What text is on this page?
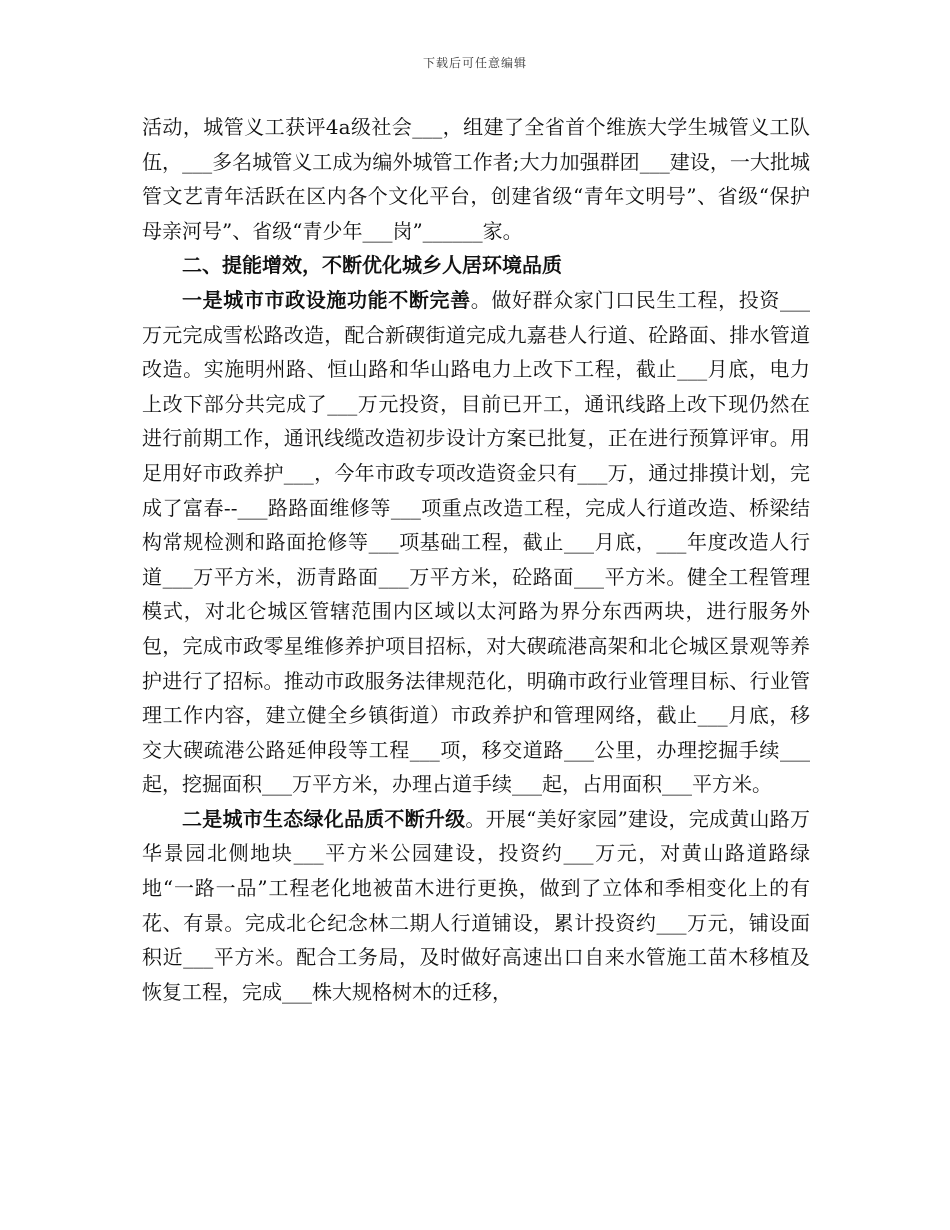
下载后可任意编辑

活动，城管义工获评4a级社会___，组建了全省首个维族大学生城管义工队伍，___多名城管义工成为编外城管工作者;大力加强群团___建设，一大批城管文艺青年活跃在区内各个文化平台，创建省级“青年文明号”、省级“保护母亲河号”、省级“青少年___岗”______家。

二、提能增效，不断优化城乡人居环境品质

一是城市市政设施功能不断完善。做好群众家门口民生工程，投资___万元完成雪松路改造，配合新碶街道完成九嘉巷人行道、砼路面、排水管道改造。实施明州路、恒山路和华山路电力上改下工程，截止___月底，电力上改下部分共完成了___万元投资，目前已开工，通讯线路上改下现仍然在进行前期工作，通讯线缆改造初步设计方案已批复，正在进行预算评审。用足用好市政养护___，今年市政专项改造资金只有___万，通过排摸计划，完成了富春--___路路面维修等___项重点改造工程，完成人行道改造、桥梁结构常规检测和路面抢修等___项基础工程，截止___月底，___年度改造人行道___万平方米，沥青路面___万平方米，砼路面___平方米。健全工程管理模式，对北仑城区管辖范围内区域以太河路为界分东西两块，进行服务外包，完成市政零星维修养护项目招标，对大碶疏港高架和北仑城区景观等养护进行了招标。推动市政服务法律规范化，明确市政行业管理目标、行业管理工作内容，建立健全乡镇街道）市政养护和管理网络，截止___月底，移交大碶疏港公路延伸段等工程___项，移交道路___公里，办理挖掘手续___起，挖掘面积___万平方米，办理占道手续___起，占用面积___平方米。

二是城市生态绿化品质不断升级。开展“美好家园”建设，完成黄山路万华景园北侧地块___平方米公园建设，投资约___万元，对黄山路道路绿地“一路一品”工程老化地被苗木进行更换，做到了立体和季相变化上的有花、有景。完成北仑纪念林二期人行道铺设，累计投资约___万元，铺设面积近___平方米。配合工务局，及时做好高速出口自来水管施工苗木移植及恢复工程，完成___株大规格树木的迁移，
